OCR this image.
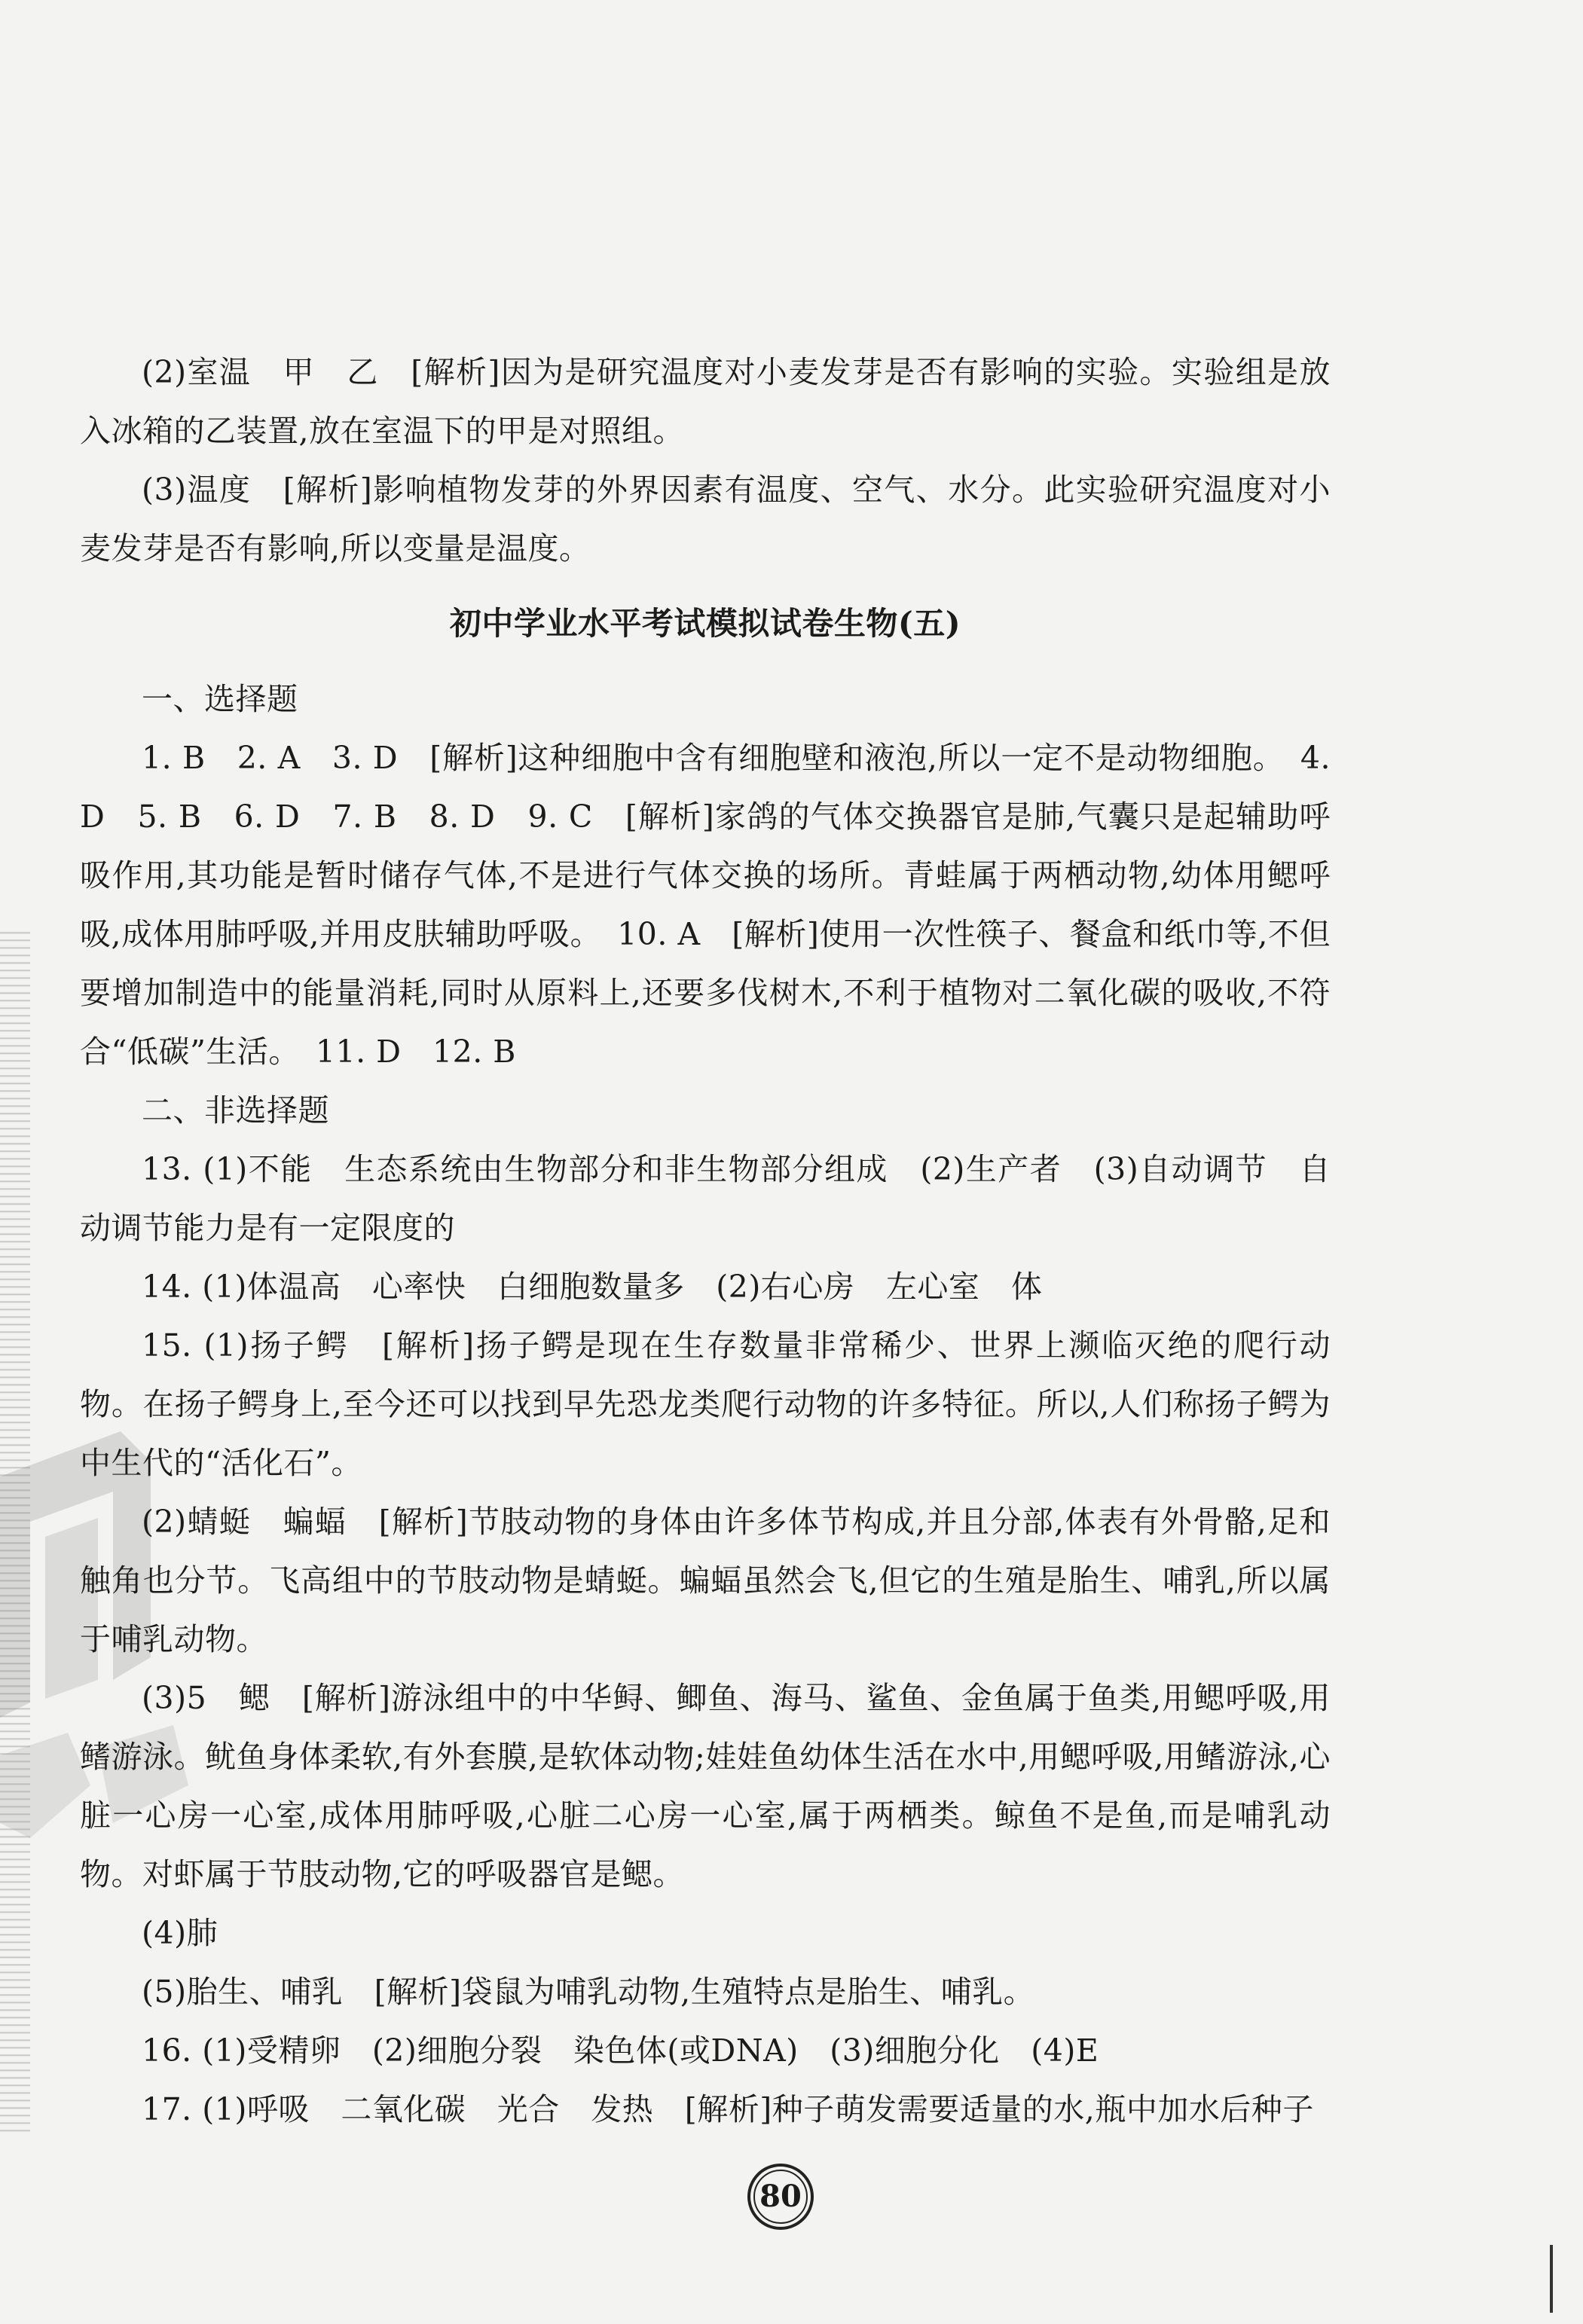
(2)室温　甲　乙　[解析]因为是研究温度对小麦发芽是否有影响的实验。实验组是放入冰箱的乙装置,放在室温下的甲是对照组。

(3)温度　[解析]影响植物发芽的外界因素有温度、空气、水分。此实验研究温度对小麦发芽是否有影响,所以变量是温度。

初中学业水平考试模拟试卷生物(五)

一、选择题

1. B　2. A　3. D　[解析]这种细胞中含有细胞壁和液泡,所以一定不是动物细胞。　4. D　5. B　6. D　7. B　8. D　9. C　[解析]家鸽的气体交换器官是肺,气囊只是起辅助呼吸作用,其功能是暂时储存气体,不是进行气体交换的场所。青蛙属于两栖动物,幼体用鳃呼吸,成体用肺呼吸,并用皮肤辅助呼吸。　10. A　[解析]使用一次性筷子、餐盒和纸巾等,不但要增加制造中的能量消耗,同时从原料上,还要多伐树木,不利于植物对二氧化碳的吸收,不符合“低碳”生活。　11. D　12. B

二、非选择题

13. (1)不能　生态系统由生物部分和非生物部分组成　(2)生产者　(3)自动调节　自动调节能力是有一定限度的

14. (1)体温高　心率快　白细胞数量多　(2)右心房　左心室　体

15. (1)扬子鳄　[解析]扬子鳄是现在生存数量非常稀少、世界上濒临灭绝的爬行动物。在扬子鳄身上,至今还可以找到早先恐龙类爬行动物的许多特征。所以,人们称扬子鳄为中生代的“活化石”。

(2)蜻蜓　蝙蝠　[解析]节肢动物的身体由许多体节构成,并且分部,体表有外骨骼,足和触角也分节。飞高组中的节肢动物是蜻蜓。蝙蝠虽然会飞,但它的生殖是胎生、哺乳,所以属于哺乳动物。

(3)5　鳃　[解析]游泳组中的中华鲟、鲫鱼、海马、鲨鱼、金鱼属于鱼类,用鳃呼吸,用鳍游泳。鱿鱼身体柔软,有外套膜,是软体动物;娃娃鱼幼体生活在水中,用鳃呼吸,用鳍游泳,心脏一心房一心室,成体用肺呼吸,心脏二心房一心室,属于两栖类。鲸鱼不是鱼,而是哺乳动物。对虾属于节肢动物,它的呼吸器官是鳃。

(4)肺

(5)胎生、哺乳　[解析]袋鼠为哺乳动物,生殖特点是胎生、哺乳。

16. (1)受精卵　(2)细胞分裂　染色体(或DNA)　(3)细胞分化　(4)E

17. (1)呼吸　二氧化碳　光合　发热　[解析]种子萌发需要适量的水,瓶中加水后种子

80
